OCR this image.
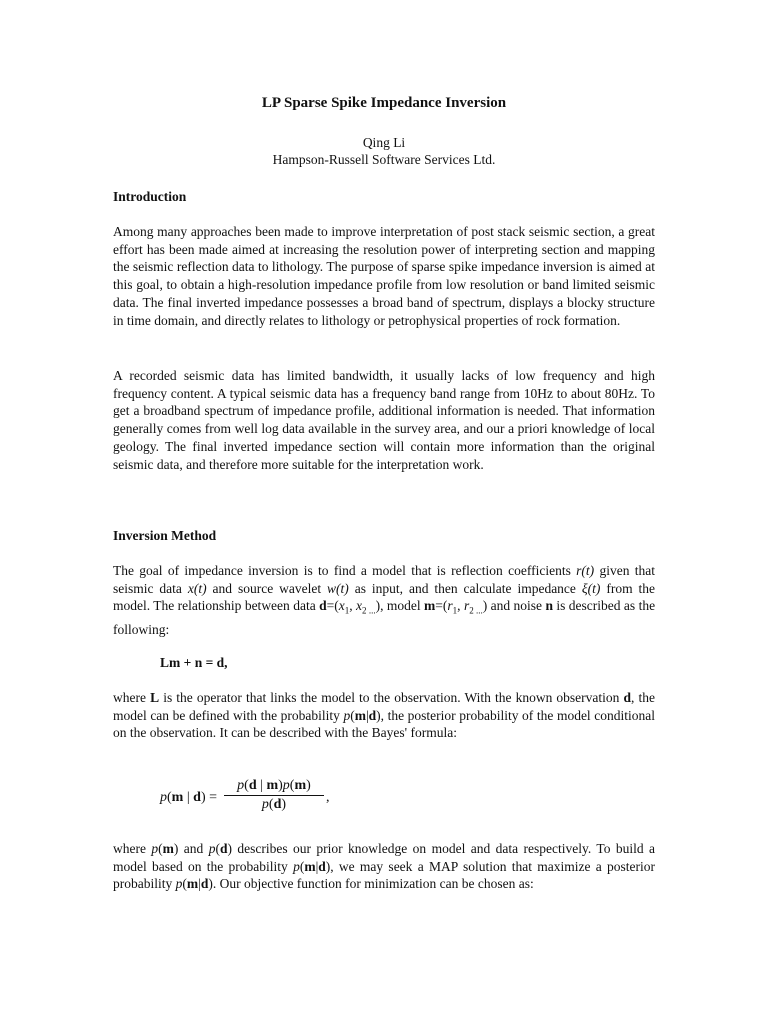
LP Sparse Spike Impedance Inversion
Qing Li
Hampson-Russell Software Services Ltd.
Introduction

Among many approaches been made to improve interpretation of post stack seismic section, a great effort has been made aimed at increasing the resolution power of interpreting section and mapping the seismic reflection data to lithology. The purpose of sparse spike impedance inversion is aimed at this goal, to obtain a high-resolution impedance profile from low resolution or band limited seismic data. The final inverted impedance possesses a broad band of spectrum, displays a blocky structure in time domain, and directly relates to lithology or petrophysical properties of rock formation.

A recorded seismic data has limited bandwidth, it usually lacks of low frequency and high frequency content. A typical seismic data has a frequency band range from 10Hz to about 80Hz. To get a broadband spectrum of impedance profile, additional information is needed. That information generally comes from well log data available in the survey area, and our a priori knowledge of local geology. The final inverted impedance section will contain more information than the original seismic data, and therefore more suitable for the interpretation work.

Inversion Method

The goal of impedance inversion is to find a model that is reflection coefficients r(t) given that seismic data x(t) and source wavelet w(t) as input, and then calculate impedance ξ(t) from the model. The relationship between data $d=(x_1$, $x_{2 ...}$), model $m=(r_1$, $r_{2 ...}$) and noise n is described as the following:

Lm + n = d,

where L is the operator that links the model to the observation. With the known observation d, the model can be defined with the probability p(m|d), the posterior probability of the model conditional on the observation. It can be described with the Bayes' formula:

p(m | d) =
p(d | m)p(m)
p(d)	,

where p(m) and p(d) describes our prior knowledge on model and data respectively. To build a model based on the probability p(m|d), we may seek a MAP solution that maximize a posterior probability p(m|d). Our objective function for minimization can be chosen as:
